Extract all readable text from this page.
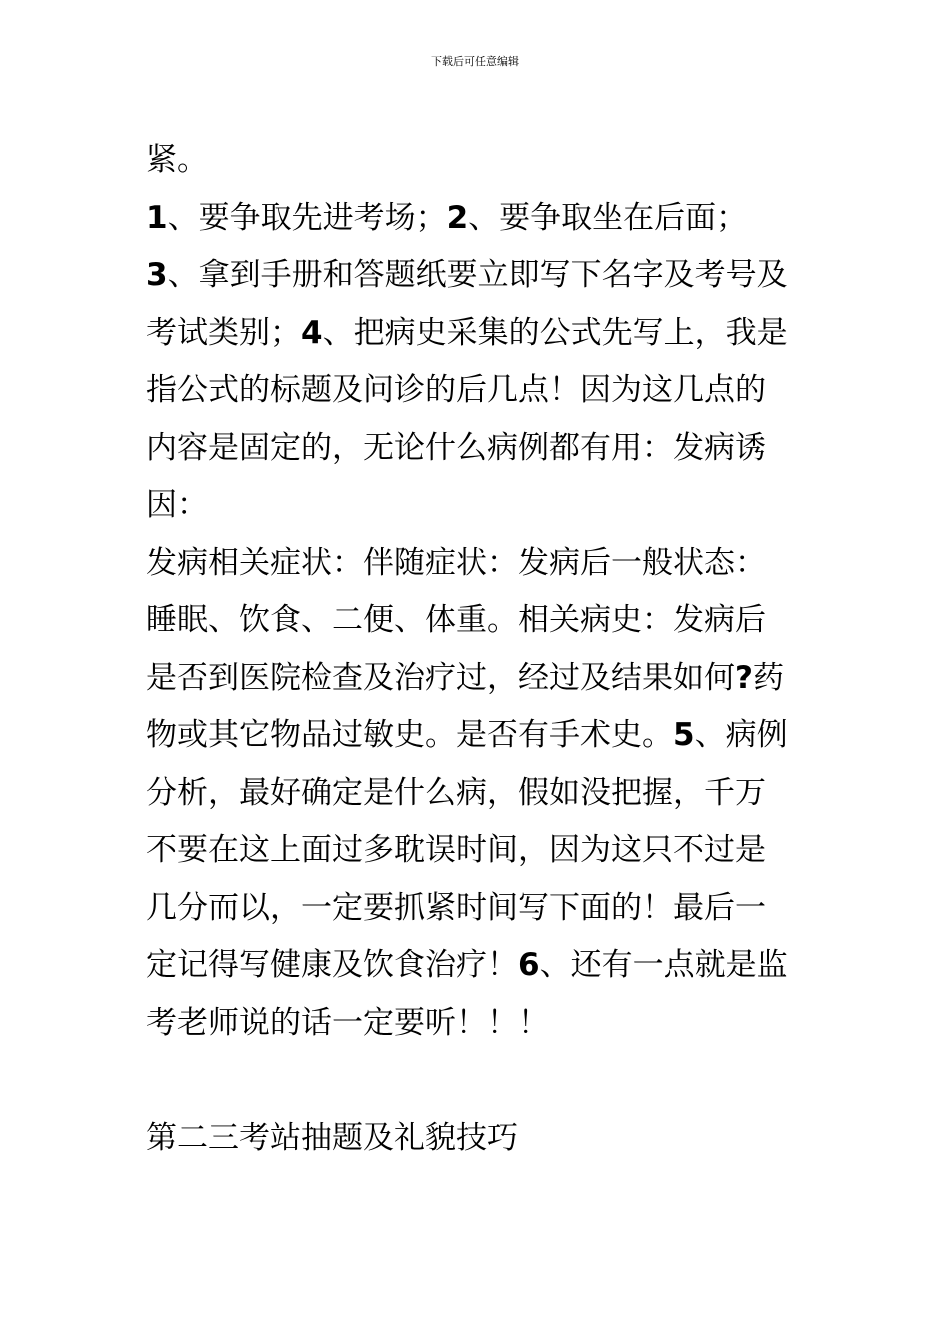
下载后可任意编辑
紧。
1、要争取先进考场；2、要争取坐在后面；
3、拿到手册和答题纸要立即写下名字及考号及
考试类别；4、把病史采集的公式先写上，我是
指公式的标题及问诊的后几点！因为这几点的
内容是固定的，无论什么病例都有用：发病诱
因：
发病相关症状：伴随症状：发病后一般状态：
睡眠、饮食、二便、体重。相关病史：发病后
是否到医院检查及治疗过，经过及结果如何?药
物或其它物品过敏史。是否有手术史。5、病例
分析，最好确定是什么病，假如没把握，千万
不要在这上面过多耽误时间，因为这只不过是
几分而以，一定要抓紧时间写下面的！最后一
定记得写健康及饮食治疗！6、还有一点就是监
考老师说的话一定要听！！！
第二三考站抽题及礼貌技巧
